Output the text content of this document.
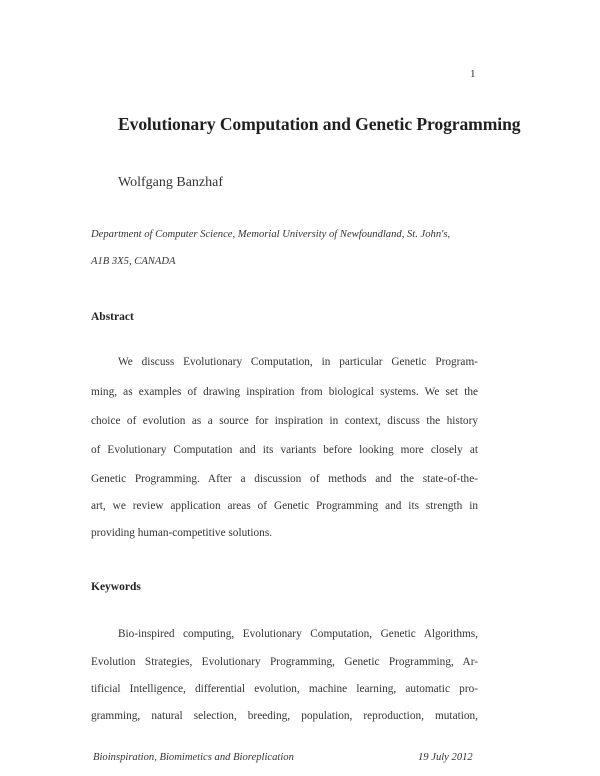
1
Evolutionary Computation and Genetic Programming
Wolfgang Banzhaf
Department of Computer Science, Memorial University of Newfoundland, St. John's,
A1B 3X5, CANADA
Abstract
We discuss Evolutionary Computation, in particular Genetic Program-
ming, as examples of drawing inspiration from biological systems. We set the
choice of evolution as a source for inspiration in context, discuss the history
of Evolutionary Computation and its variants before looking more closely at
Genetic Programming. After a discussion of methods and the state-of-the-
art, we review application areas of Genetic Programming and its strength in
providing human-competitive solutions.
Keywords
Bio-inspired computing, Evolutionary Computation, Genetic Algorithms,
Evolution Strategies, Evolutionary Programming, Genetic Programming, Ar-
tificial Intelligence, differential evolution, machine learning, automatic pro-
gramming, natural selection, breeding, population, reproduction, mutation,
Bioinspiration, Biomimetics and Bioreplication	19 July 2012
